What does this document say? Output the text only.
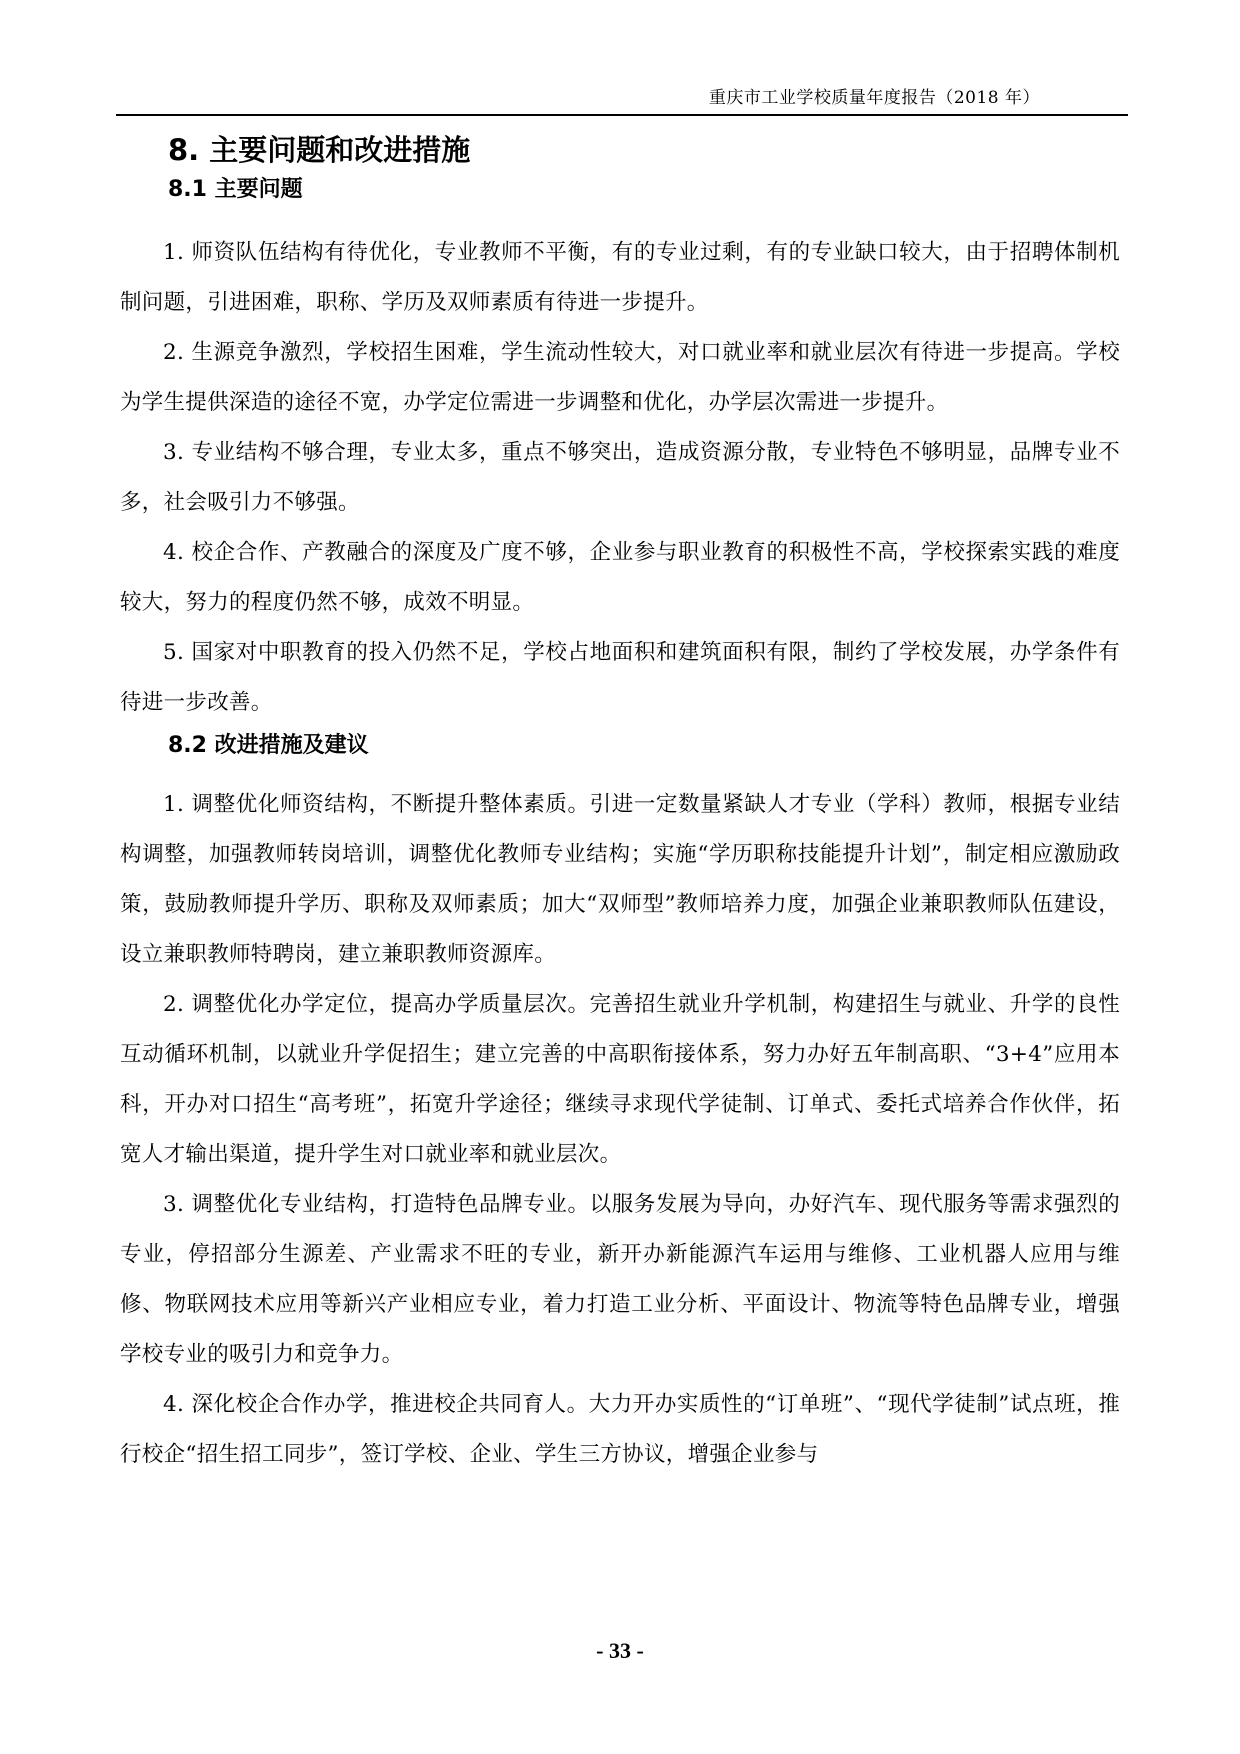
重庆市工业学校质量年度报告（2018 年）
8. 主要问题和改进措施
8.1 主要问题

1. 师资队伍结构有待优化，专业教师不平衡，有的专业过剩，有的专业缺口较大，由于招聘体制机制问题，引进困难，职称、学历及双师素质有待进一步提升。

2. 生源竞争激烈，学校招生困难，学生流动性较大，对口就业率和就业层次有待进一步提高。学校为学生提供深造的途径不宽，办学定位需进一步调整和优化，办学层次需进一步提升。

3. 专业结构不够合理，专业太多，重点不够突出，造成资源分散，专业特色不够明显，品牌专业不多，社会吸引力不够强。

4. 校企合作、产教融合的深度及广度不够，企业参与职业教育的积极性不高，学校探索实践的难度较大，努力的程度仍然不够，成效不明显。

5. 国家对中职教育的投入仍然不足，学校占地面积和建筑面积有限，制约了学校发展，办学条件有待进一步改善。

8.2 改进措施及建议

1. 调整优化师资结构，不断提升整体素质。引进一定数量紧缺人才专业（学科）教师，根据专业结构调整，加强教师转岗培训，调整优化教师专业结构；实施“学历职称技能提升计划”，制定相应激励政策，鼓励教师提升学历、职称及双师素质；加大“双师型”教师培养力度，加强企业兼职教师队伍建设，设立兼职教师特聘岗，建立兼职教师资源库。

2. 调整优化办学定位，提高办学质量层次。完善招生就业升学机制，构建招生与就业、升学的良性互动循环机制，以就业升学促招生；建立完善的中高职衔接体系，努力办好五年制高职、“3+4”应用本科，开办对口招生“高考班”，拓宽升学途径；继续寻求现代学徒制、订单式、委托式培养合作伙伴，拓宽人才输出渠道，提升学生对口就业率和就业层次。

3. 调整优化专业结构，打造特色品牌专业。以服务发展为导向，办好汽车、现代服务等需求强烈的专业，停招部分生源差、产业需求不旺的专业，新开办新能源汽车运用与维修、工业机器人应用与维修、物联网技术应用等新兴产业相应专业，着力打造工业分析、平面设计、物流等特色品牌专业，增强学校专业的吸引力和竞争力。

4. 深化校企合作办学，推进校企共同育人。大力开办实质性的“订单班”、“现代学徒制”试点班，推行校企“招生招工同步”，签订学校、企业、学生三方协议，增强企业参与

- 33 -
